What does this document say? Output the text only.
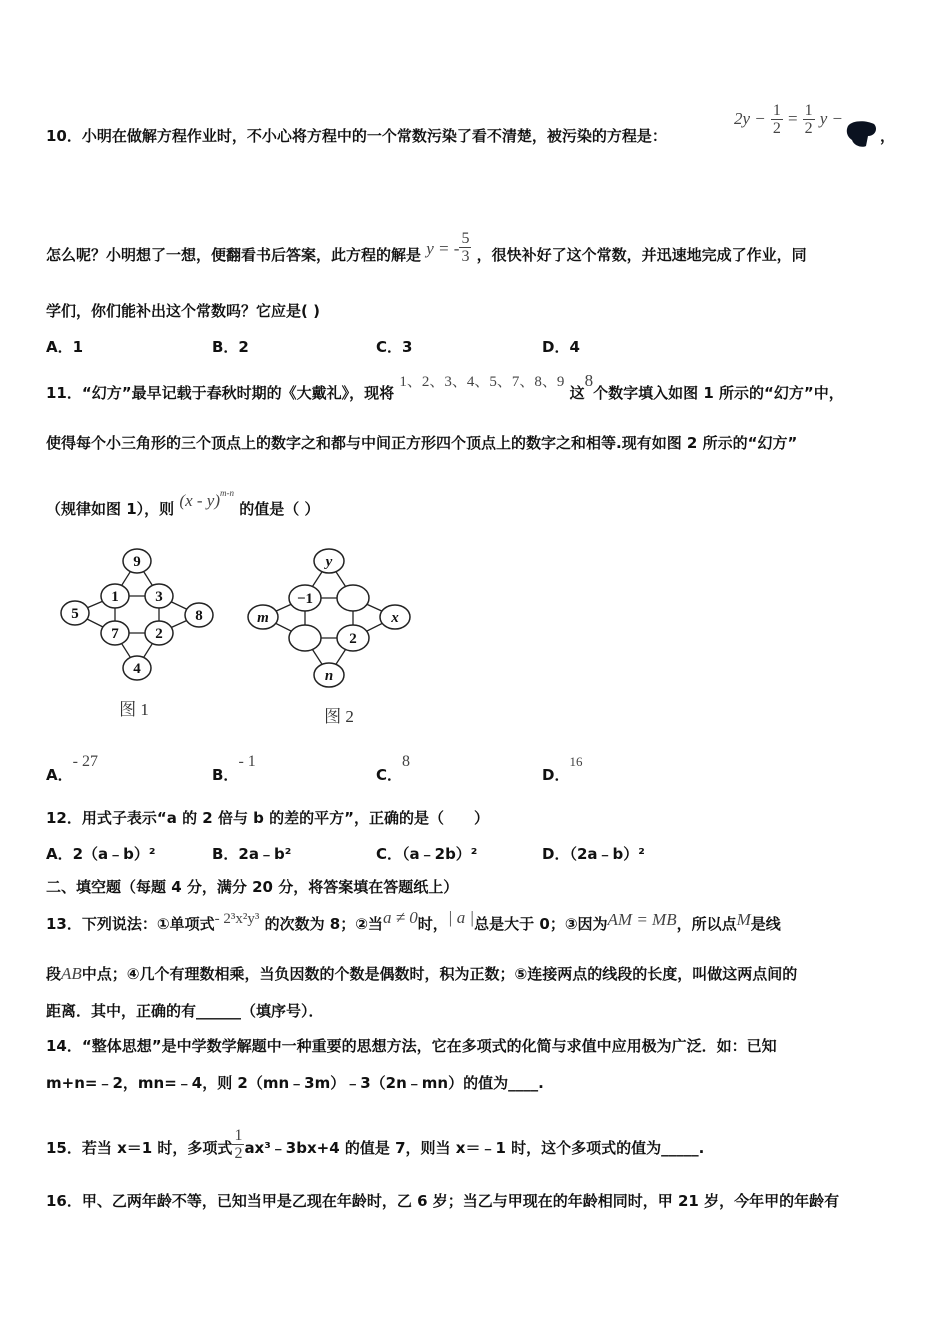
10．小明在做解方程作业时，不小心将方程中的一个常数污染了看不清楚，被污染的方程是：
$2y - \frac{1}{2} = \frac{1}{2}$ y −
，
怎么呢？小明想了一想，便翻看书后答案，此方程的解是 y = - $\frac{5}{3}$ ，很快补好了这个常数，并迅速地完成了作业，同
学们，你们能补出这个常数吗？它应是( )
A．1	B．2	C．3	D．4
11．“幻方”最早记载于春秋时期的《大戴礼》，现将 1、2、3、4、5、7、8、9 这8个数字填入如图 1 所示的“幻方”中，
使得每个小三角形的三个顶点上的数字之和都与中间正方形四个顶点上的数字之和相等.现有如图 2 所示的“幻方”
（规律如图 1），则 (x - y)$^{m-n}$ 的值是（ ）
9
1 3
5	8
7 2
4
图 1
y
−1
m	x
2
n
图 2
A．- 27
B．- 1
C．8
D．16
12．用式子表示“a 的 2 倍与 b 的差的平方”，正确的是（　　）
A．2（a﹣b）²	B．2a﹣b²	C．（a﹣2b）²	D．（2a﹣b）²
二、填空题（每题 4 分，满分 20 分，将答案填在答题纸上）
13．下列说法：①单项式- 2³x²y³ 的次数为 8；②当a ≠ 0时，| a |总是大于 0；③因为AM = MB，所以点M是线
段AB中点；④几个有理数相乘，当负因数的个数是偶数时，积为正数；⑤连接两点的线段的长度，叫做这两点间的
距离．其中，正确的有______（填序号）．
14．“整体思想”是中学数学解题中一种重要的思想方法，它在多项式的化简与求值中应用极为广泛．如：已知
m+n=﹣2，mn=﹣4，则 2（mn﹣3m）﹣3（2n﹣mn）的值为____.
15．若当 x＝1 时，多项式 $\frac{1}{2}$ ax³﹣3bx+4 的值是 7，则当 x＝﹣1 时，这个多项式的值为_____.
16．甲、乙两年龄不等，已知当甲是乙现在年龄时，乙 6 岁；当乙与甲现在的年龄相同时，甲 21 岁，今年甲的年龄有
